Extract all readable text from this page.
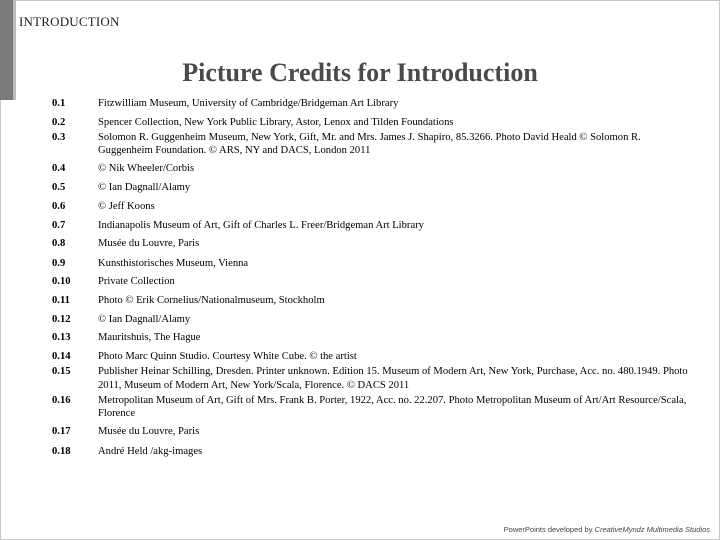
INTRODUCTION
Picture Credits for Introduction
0.1	Fitzwilliam Museum, University of Cambridge/Bridgeman Art Library
0.2	Spencer Collection, New York Public Library, Astor, Lenox and Tilden Foundations
0.3	Solomon R. Guggenheim Museum, New York, Gift, Mr. and Mrs. James J. Shapiro, 85.3266. Photo David Heald © Solomon R. Guggenheim Foundation. © ARS, NY and DACS, London 2011
0.4	© Nik Wheeler/Corbis
0.5	© Ian Dagnall/Alamy
0.6	© Jeff Koons
0.7	Indianapolis Museum of Art, Gift of Charles L. Freer/Bridgeman Art Library
0.8	Musée du Louvre, Paris
0.9	Kunsthistorisches Museum, Vienna
0.10	Private Collection
0.11	Photo © Erik Cornelius/Nationalmuseum, Stockholm
0.12	© Ian Dagnall/Alamy
0.13	Mauritshuis, The Hague
0.14	Photo Marc Quinn Studio. Courtesy White Cube. © the artist
0.15	Publisher Heinar Schilling, Dresden. Printer unknown. Edition 15. Museum of Modern Art, New York, Purchase, Acc. no. 480.1949. Photo 2011, Museum of Modern Art, New York/Scala, Florence. © DACS 2011
0.16	Metropolitan Museum of Art, Gift of Mrs. Frank B. Porter, 1922, Acc. no. 22.207. Photo Metropolitan Museum of Art/Art Resource/Scala, Florence
0.17	Musée du Louvre, Paris
0.18	André Held /akg-images
PowerPoints developed by CreativeMyndz Multimedia Studios
